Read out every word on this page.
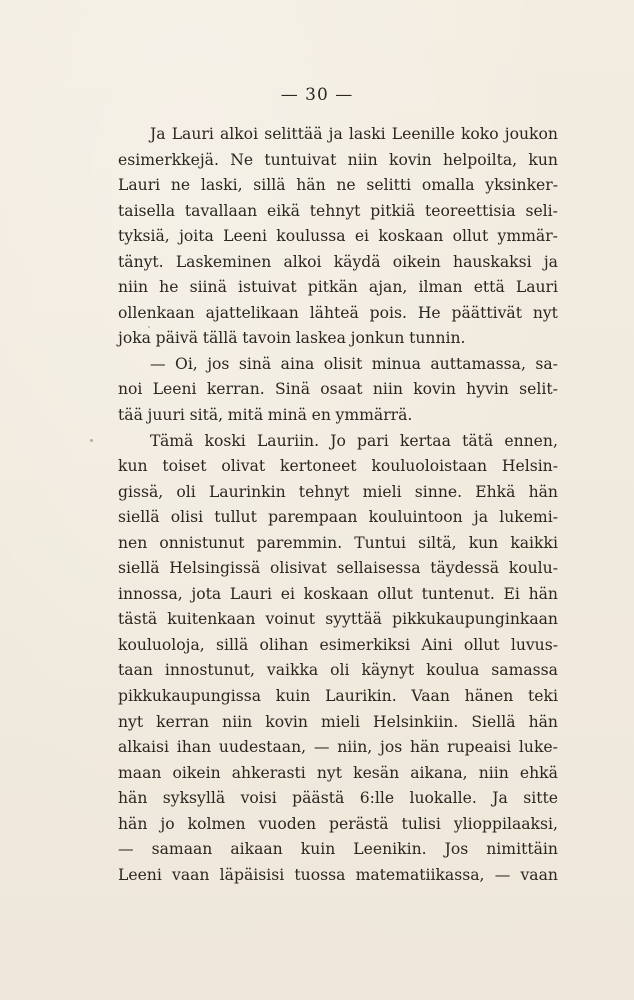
— 30 —
Ja Lauri alkoi selittää ja laski Leenille koko joukon
esimerkkejä. Ne tuntuivat niin kovin helpoilta, kun
Lauri ne laski, sillä hän ne selitti omalla yksinker-
taisella tavallaan eikä tehnyt pitkiä teoreettisia seli-
tyksiä, joita Leeni koulussa ei koskaan ollut ymmär-
tänyt. Laskeminen alkoi käydä oikein hauskaksi ja
niin he siinä istuivat pitkän ajan, ilman että Lauri
ollenkaan ajattelikaan lähteä pois. He päättivät nyt
joka päivä tällä tavoin laskea jonkun tunnin.
— Oi, jos sinä aina olisit minua auttamassa, sa-
noi Leeni kerran. Sinä osaat niin kovin hyvin selit-
tää juuri sitä, mitä minä en ymmärrä.
Tämä koski Lauriin. Jo pari kertaa tätä ennen,
kun toiset olivat kertoneet kouluoloistaan Helsin-
gissä, oli Laurinkin tehnyt mieli sinne. Ehkä hän
siellä olisi tullut parempaan kouluintoon ja lukemi-
nen onnistunut paremmin. Tuntui siltä, kun kaikki
siellä Helsingissä olisivat sellaisessa täydessä koulu-
innossa, jota Lauri ei koskaan ollut tuntenut. Ei hän
tästä kuitenkaan voinut syyttää pikkukaupunginkaan
kouluoloja, sillä olihan esimerkiksi Aini ollut luvus-
taan innostunut, vaikka oli käynyt koulua samassa
pikkukaupungissa kuin Laurikin. Vaan hänen teki
nyt kerran niin kovin mieli Helsinkiin. Siellä hän
alkaisi ihan uudestaan, — niin, jos hän rupeaisi luke-
maan oikein ahkerasti nyt kesän aikana, niin ehkä
hän syksyllä voisi päästä 6:lle luokalle. Ja sitte
hän jo kolmen vuoden perästä tulisi ylioppilaaksi,
— samaan aikaan kuin Leenikin. Jos nimittäin
Leeni vaan läpäisisi tuossa matematiikassa, — vaan
